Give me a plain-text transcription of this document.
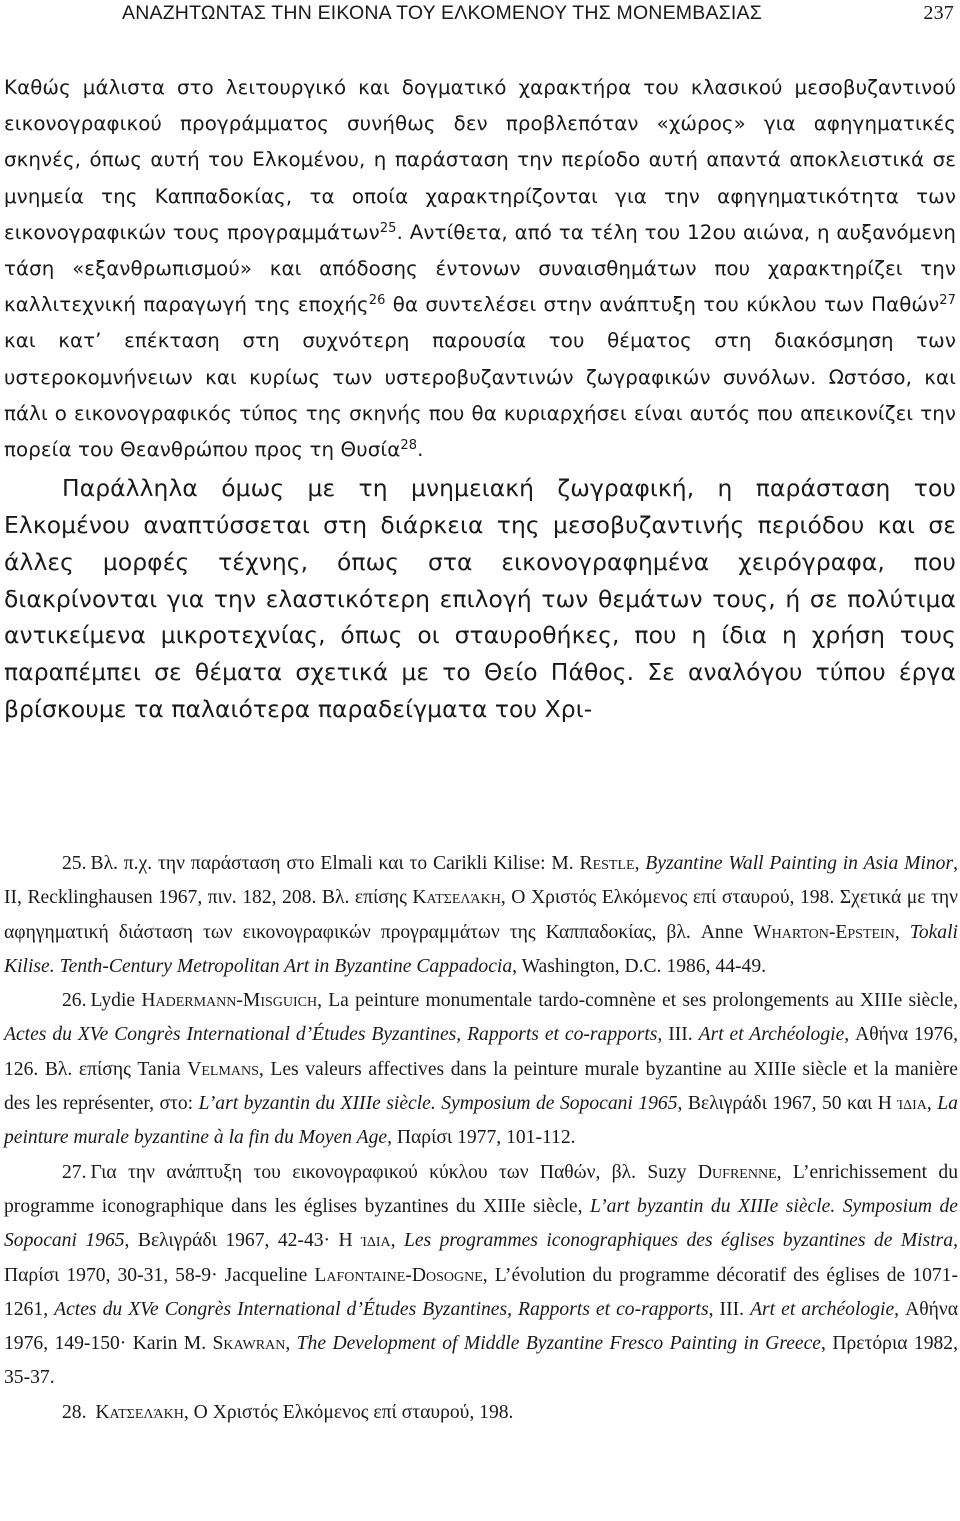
ΑΝΑΖΗΤΩΝΤΑΣ ΤΗΝ ΕΙΚΟΝΑ ΤΟΥ ΕΛΚΟΜΕΝΟΥ ΤΗΣ ΜΟΝΕΜΒΑΣΙΑΣ	237

Καθώς μάλιστα στο λειτουργικό και δογματικό χαρακτήρα του κλασικού μεσοβυζαντινού εικονογραφικού προγράμματος συνήθως δεν προβλεπόταν «χώρος» για αφηγηματικές σκηνές, όπως αυτή του Ελκομένου, η παράσταση την περίοδο αυτή απαντά αποκλειστικά σε μνημεία της Καππαδοκίας, τα οποία χαρακτηρίζονται για την αφηγηματικότητα των εικονογραφικών τους προγραμμάτων$^{25}$. Αντίθετα, από τα τέλη του 12ου αιώνα, η αυξανόμενη τάση «εξανθρωπισμού» και απόδοσης έντονων συναισθημάτων που χαρακτηρίζει την καλλιτεχνική παραγωγή της εποχής$^{26}$ θα συντελέσει στην ανάπτυξη του κύκλου των Παθών$^{27}$ και κατ’ επέκταση στη συχνότερη παρουσία του θέματος στη διακόσμηση των υστεροκομνήνειων και κυρίως των υστεροβυζαντινών ζωγραφικών συνόλων. Ωστόσο, και πάλι ο εικονογραφικός τύπος της σκηνής που θα κυριαρχήσει είναι αυτός που απεικονίζει την πορεία του Θεανθρώπου προς τη Θυσία$^{28}$.

Παράλληλα όμως με τη μνημειακή ζωγραφική, η παράσταση του Ελκομένου αναπτύσσεται στη διάρκεια της μεσοβυζαντινής περιόδου και σε άλλες μορφές τέχνης, όπως στα εικονογραφημένα χειρόγραφα, που διακρίνονται για την ελαστικότερη επιλογή των θεμάτων τους, ή σε πολύτιμα αντικείμενα μικροτεχνίας, όπως οι σταυροθήκες, που η ίδια η χρήση τους παραπέμπει σε θέματα σχετικά με το Θείο Πάθος. Σε αναλόγου τύπου έργα βρίσκουμε τα παλαιότερα παραδείγματα του Χρι-

25. Βλ. π.χ. την παράσταση στο Elmali και το Carikli Kilise: Μ. Restle, Byzantine Wall Painting in Asia Minor, II, Recklinghausen 1967, πιν. 182, 208. Βλ. επίσης Κατσελάκη, Ο Χριστός Ελκόμενος επί σταυρού, 198. Σχετικά με την αφηγηματική διάσταση των εικονογραφικών προγραμμάτων της Καππαδοκίας, βλ. Anne Wharton-Epstein, Tokali Kilise. Tenth-Century Metropolitan Art in Byzantine Cappadocia, Washington, D.C. 1986, 44-49.

26. Lydie Hadermann-Misguich, La peinture monumentale tardo-comnène et ses prolongements au XIIIe siècle, Actes du XVe Congrès International d’Études Byzantines, Rapports et co-rapports, III. Art et Archéologie, Αθήνα 1976, 126. Βλ. επίσης Tania Velmans, Les valeurs affectives dans la peinture murale byzantine au XIIIe siècle et la manière des les représenter, στο: L’art byzantin du XIIIe siècle. Symposium de Sopocani 1965, Βελιγράδι 1967, 50 και Η ίδια, La peinture murale byzantine à la fin du Moyen Age, Παρίσι 1977, 101-112.

27. Για την ανάπτυξη του εικονογραφικού κύκλου των Παθών, βλ. Suzy Dufrenne, L’enrichissement du programme iconographique dans les églises byzantines du XIIIe siècle, L’art byzantin du XIIIe siècle. Symposium de Sopocani 1965, Βελιγράδι 1967, 42-43· Η ίδια, Les programmes iconographiques des églises byzantines de Mistra, Παρίσι 1970, 30-31, 58-9· Jacqueline Lafontaine-Dosogne, L’évolution du programme décoratif des églises de 1071-1261, Actes du XVe Congrès International d’Études Byzantines, Rapports et co-rapports, III. Art et archéologie, Αθήνα 1976, 149-150· Karin M. Skawran, The Development of Middle Byzantine Fresco Painting in Greece, Πρετόρια 1982, 35-37.

28. Κατσελάκη, Ο Χριστός Ελκόμενος επί σταυρού, 198.
